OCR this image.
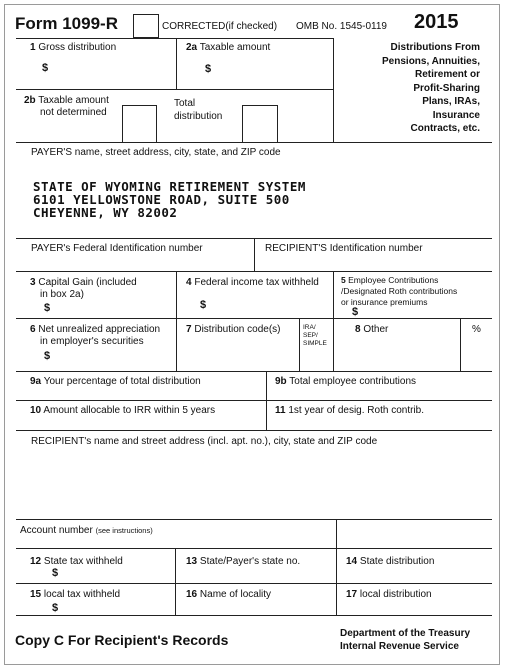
Form 1099-R	CORRECTED(if checked) OMB No. 1545-0119 2015
Distributions From
Pensions, Annuities,
Retirement or
Profit-Sharing
Plans, IRAs,
Insurance
Contracts, etc.
1 Gross distribution
$
2a Taxable amount
$
2b Taxable amount
not determined
Total
distribution
PAYER'S name, street address, city, state, and ZIP code
STATE OF WYOMING RETIREMENT SYSTEM
6101 YELLOWSTONE ROAD, SUITE 500
CHEYENNE, WY 82002
PAYER's Federal Identification number	RECIPIENT'S Identification number
3 Capital Gain (included
in box 2a)
$
4 Federal income tax withheld
$
5 Employee Contributions
/Designated Roth contributions
or insurance premiums
$
6 Net unrealized appreciation
in employer's securities
$
7 Distribution code(s)	IRA/
SEP/
SIMPLE
8 Other	%
9a Your percentage of total distribution	9b Total employee contributions
10 Amount allocable to IRR within 5 years	11 1st year of desig. Roth contrib.
RECIPIENT's name and street address (incl. apt. no.), city, state and ZIP code
Account number (see instructions)
12 State tax withheld
$
13 State/Payer's state no.	14 State distribution
15 local tax withheld
$
16 Name of locality	17 local distribution
Copy C For Recipient's Records	Department of the Treasury
Internal Revenue Service
